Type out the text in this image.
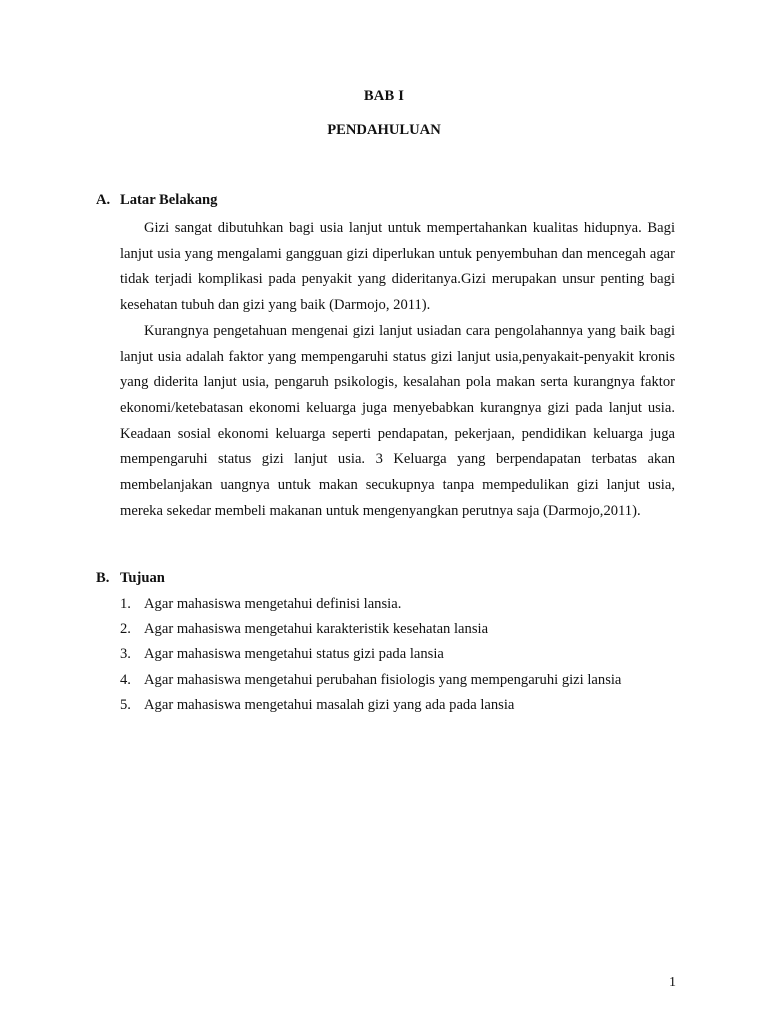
BAB I
PENDAHULUAN
A. Latar Belakang

Gizi sangat dibutuhkan bagi usia lanjut untuk mempertahankan kualitas hidupnya. Bagi lanjut usia yang mengalami gangguan gizi diperlukan untuk penyembuhan dan mencegah agar tidak terjadi komplikasi pada penyakit yang dideritanya.Gizi merupakan unsur penting bagi kesehatan tubuh dan gizi yang baik (Darmojo, 2011).

Kurangnya pengetahuan mengenai gizi lanjut usiadan cara pengolahannya yang baik bagi lanjut usia adalah faktor yang mempengaruhi status gizi lanjut usia,penyakait-penyakit kronis yang diderita lanjut usia, pengaruh psikologis, kesalahan pola makan serta kurangnya faktor ekonomi/ketebatasan ekonomi keluarga juga menyebabkan kurangnya gizi pada lanjut usia. Keadaan sosial ekonomi keluarga seperti pendapatan, pekerjaan, pendidikan keluarga juga mempengaruhi status gizi lanjut usia. 3 Keluarga yang berpendapatan terbatas akan membelanjakan uangnya untuk makan secukupnya tanpa mempedulikan gizi lanjut usia, mereka sekedar membeli makanan untuk mengenyangkan perutnya saja (Darmojo,2011).

B. Tujuan
1. Agar mahasiswa mengetahui definisi lansia.
2. Agar mahasiswa mengetahui karakteristik kesehatan lansia
3. Agar mahasiswa mengetahui status gizi pada lansia
4. Agar mahasiswa mengetahui perubahan fisiologis yang mempengaruhi gizi lansia
5. Agar mahasiswa mengetahui masalah gizi yang ada pada lansia
1
